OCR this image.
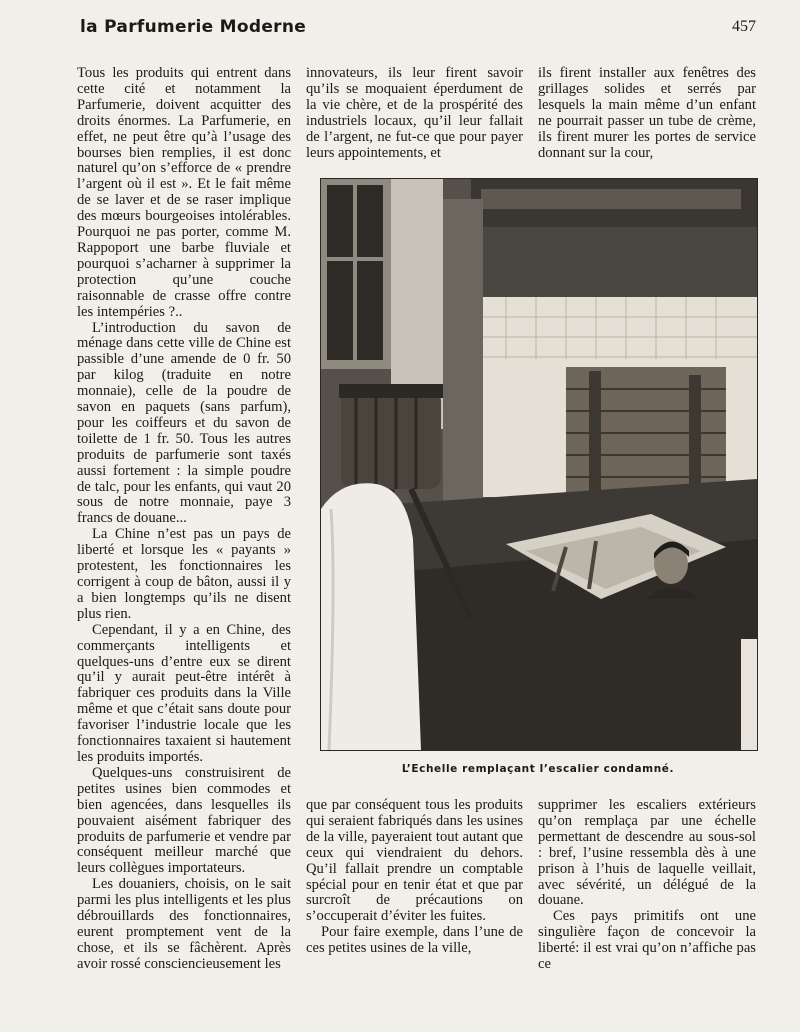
la Parfumerie Moderne	457

Tous les produits qui entrent dans cette cité et notamment la Parfumerie, doivent acquitter des droits énormes. La Parfumerie, en effet, ne peut être qu’à l’usage des bourses bien remplies, il est donc naturel qu’on s’efforce de « prendre l’argent où il est ». Et le fait même de se laver et de se raser implique des mœurs bourgeoises intolérables. Pourquoi ne pas porter, comme M. Rappoport une barbe fluviale et pourquoi s’acharner à supprimer la protection qu’une couche raisonnable de crasse offre contre les intempéries ?..

L’introduction du savon de ménage dans cette ville de Chine est passible d’une amende de 0 fr. 50 par kilog (traduite en notre monnaie), celle de la poudre de savon en paquets (sans parfum), pour les coiffeurs et du savon de toilette de 1 fr. 50. Tous les autres produits de parfumerie sont taxés aussi fortement : la simple poudre de talc, pour les enfants, qui vaut 20 sous de notre monnaie, paye 3 francs de douane...

La Chine n’est pas un pays de liberté et lorsque les « payants » protestent, les fonctionnaires les corrigent à coup de bâton, aussi il y a bien longtemps qu’ils ne disent plus rien.

Cependant, il y a en Chine, des commerçants intelligents et quelques-uns d’entre eux se dirent qu’il y aurait peut-être intérêt à fabriquer ces produits dans la Ville même et que c’était sans doute pour favoriser l’industrie locale que les fonctionnaires taxaient si hautement les produits importés.

Quelques-uns construisirent de petites usines bien commodes et bien agencées, dans lesquelles ils pouvaient aisément fabriquer des produits de parfumerie et vendre par conséquent meilleur marché que leurs collègues importateurs.

Les douaniers, choisis, on le sait parmi les plus intelligents et les plus débrouillards des fonctionnaires, eurent promptement vent de la chose, et ils se fâchèrent. Après avoir rossé consciencieusement les

innovateurs, ils leur firent savoir qu’ils se moquaient éperdument de la vie chère, et de la prospérité des industriels locaux, qu’il leur fallait de l’argent, ne fut-ce que pour payer leurs appointements, et

ils firent installer aux fenêtres des grillages solides et serrés par lesquels la main même d’un enfant ne pourrait passer un tube de crème, ils firent murer les portes de service donnant sur la cour,

L’Echelle remplaçant l’escalier condamné.

que par conséquent tous les produits qui seraient fabriqués dans les usines de la ville, payeraient tout autant que ceux qui viendraient du dehors. Qu’il fallait prendre un comptable spécial pour en tenir état et que par surcroît de précautions on s’occuperait d’éviter les fuites.

Pour faire exemple, dans l’une de ces petites usines de la ville,

supprimer les escaliers extérieurs qu’on remplaça par une échelle permettant de descendre au sous-sol : bref, l’usine ressembla dès à une prison à l’huis de laquelle veillait, avec sévérité, un délégué de la douane.

Ces pays primitifs ont une singulière façon de concevoir la liberté: il est vrai qu’on n’affiche pas ce
